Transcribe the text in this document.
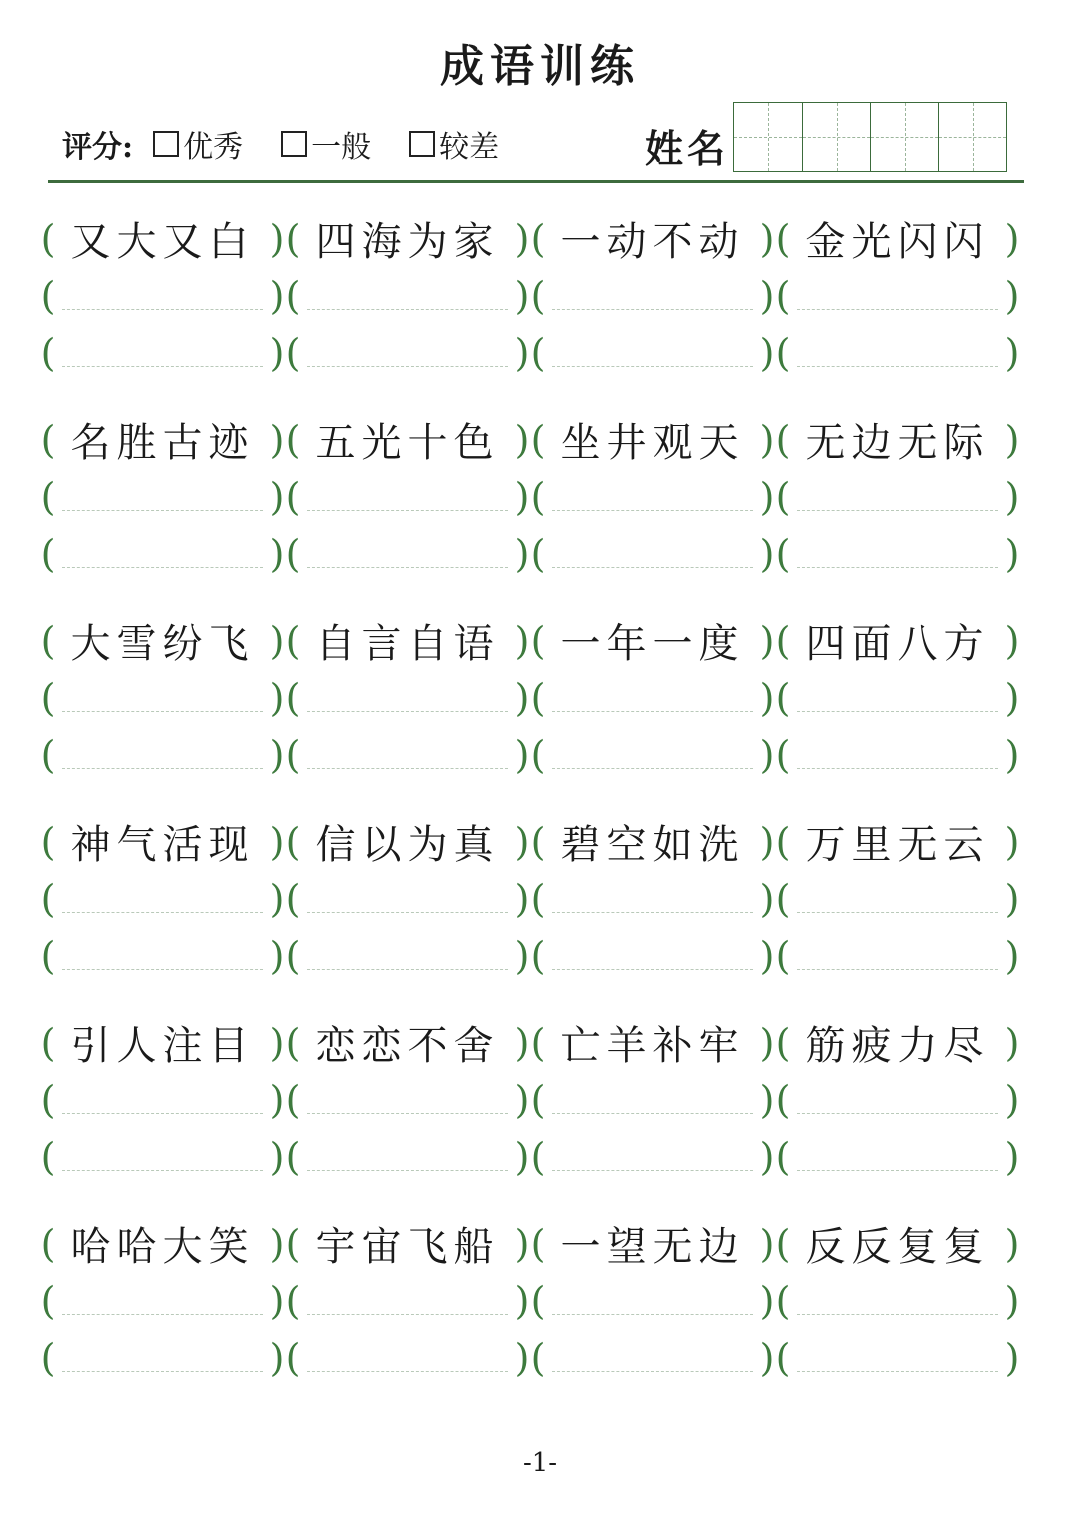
成语训练
评分: 优秀 一般 较差	姓名
( 又大又白 ) ( 四海为家 ) ( 一动不动 ) ( 金光闪闪 )
(	) (	) (	) (	)
(	) (	) (	) (	)
( 名胜古迹 ) ( 五光十色 ) ( 坐井观天 ) ( 无边无际 )
(	) (	) (	) (	)
(	) (	) (	) (	)
( 大雪纷飞 ) ( 自言自语 ) ( 一年一度 ) ( 四面八方 )
(	) (	) (	) (	)
(	) (	) (	) (	)
( 神气活现 ) ( 信以为真 ) ( 碧空如洗 ) ( 万里无云 )
(	) (	) (	) (	)
(	) (	) (	) (	)
( 引人注目 ) ( 恋恋不舍 ) ( 亡羊补牢 ) ( 筋疲力尽 )
(	) (	) (	) (	)
(	) (	) (	) (	)
( 哈哈大笑 ) ( 宇宙飞船 ) ( 一望无边 ) ( 反反复复 )
(	) (	) (	) (	)
(	) (	) (	) (	)
-1-
